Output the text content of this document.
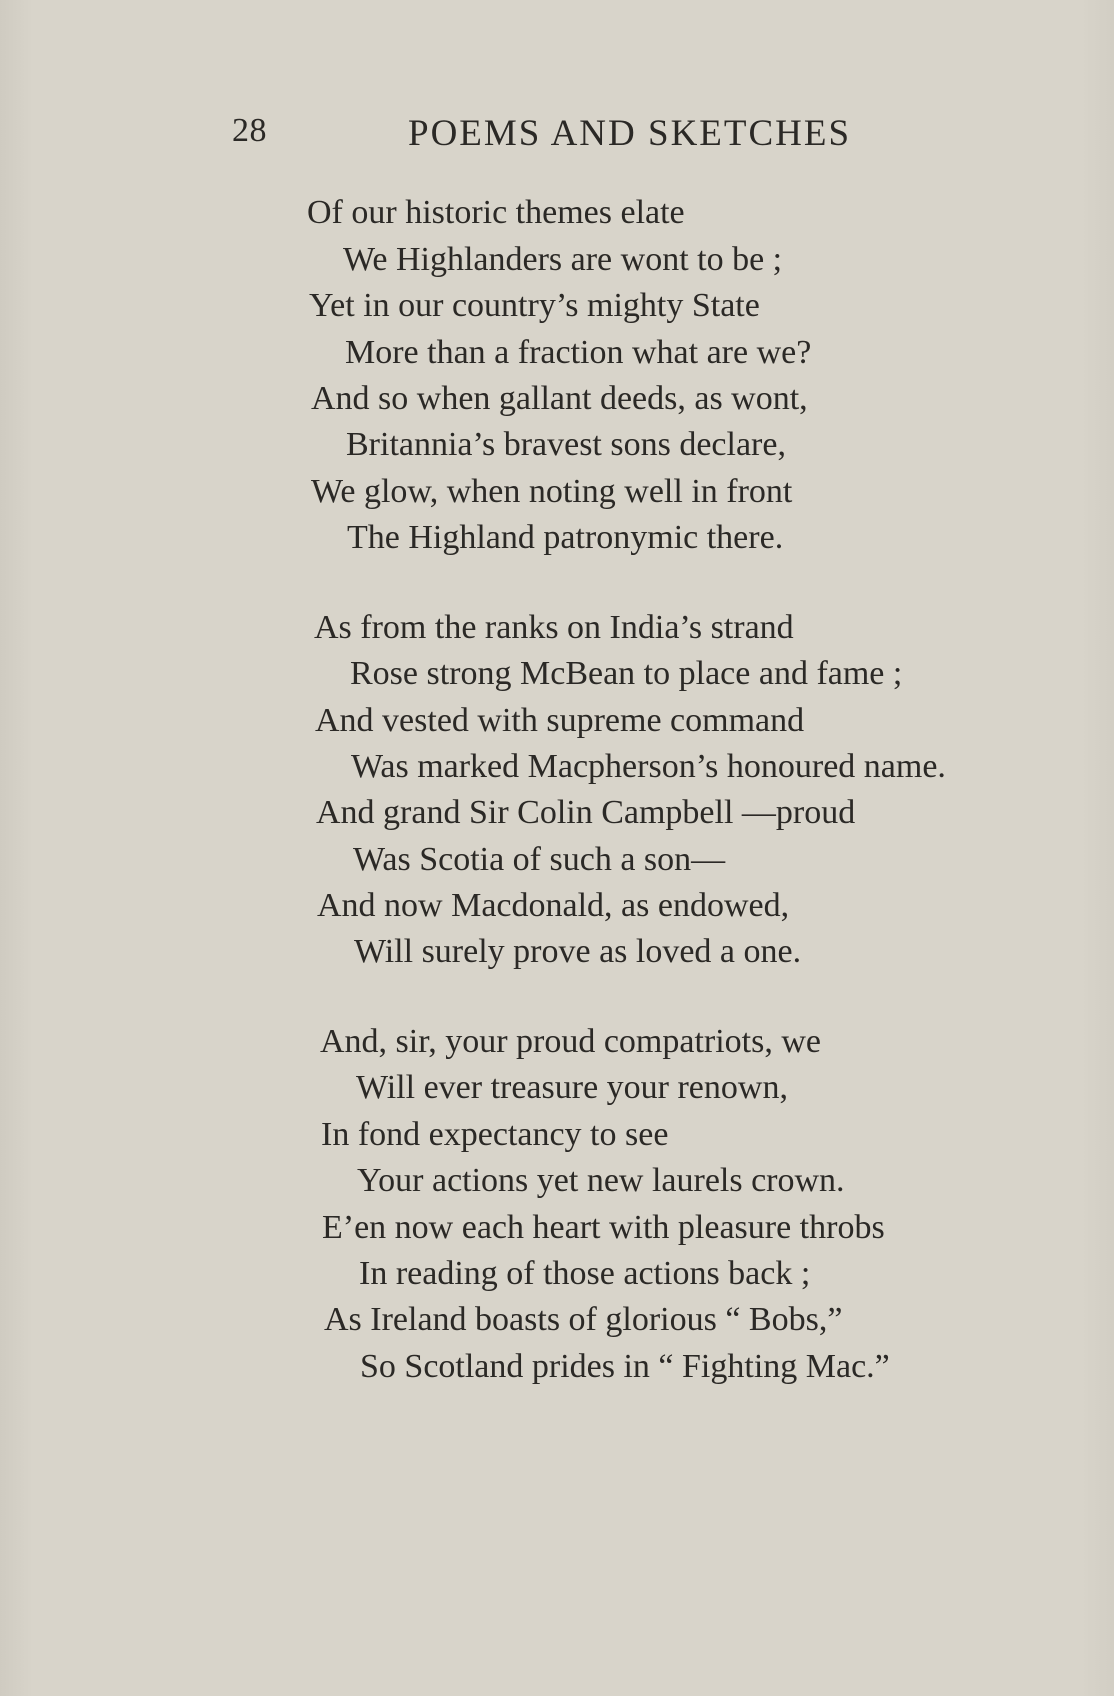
28	POEMS AND SKETCHES
Of our historic themes elate
We Highlanders are wont to be ;
Yet in our country’s mighty State
More than a fraction what are we?
And so when gallant deeds, as wont,
Britannia’s bravest sons declare,
We glow, when noting well in front
The Highland patronymic there.
As from the ranks on India’s strand
Rose strong McBean to place and fame ;
And vested with supreme command
Was marked Macpherson’s honoured name.
And grand Sir Colin Campbell —proud
Was Scotia of such a son—
And now Macdonald, as endowed,
Will surely prove as loved a one.
And, sir, your proud compatriots, we
Will ever treasure your renown,
In fond expectancy to see
Your actions yet new laurels crown.
E’en now each heart with pleasure throbs
In reading of those actions back ;
As Ireland boasts of glorious “ Bobs,”
So Scotland prides in “ Fighting Mac.”
